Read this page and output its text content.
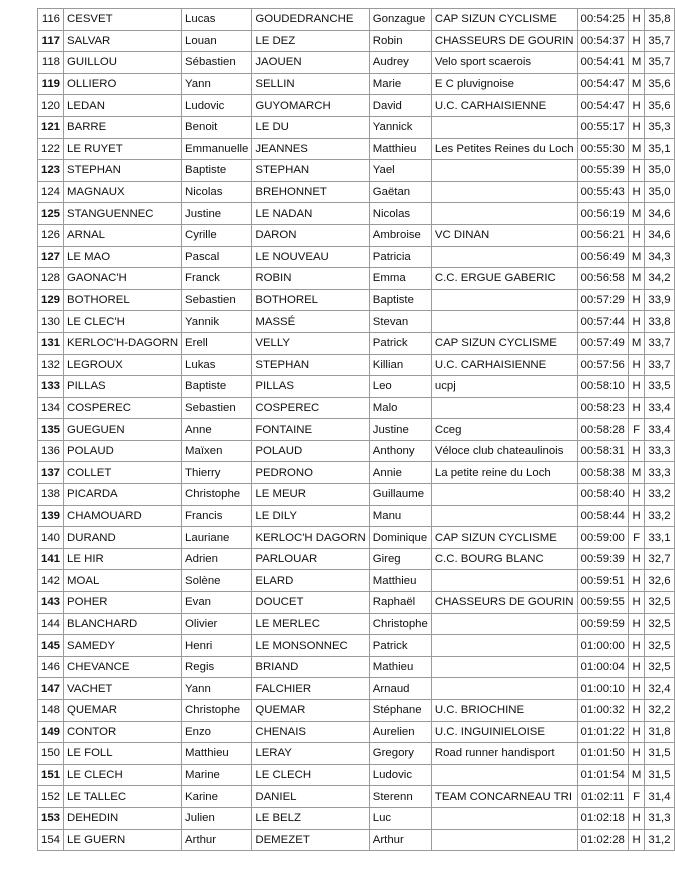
116	CESVET	Lucas	GOUDEDRANCHE	Gonzague	CAP SIZUN CYCLISME	00:54:25	H	35,8
117	SALVAR	Louan	LE DEZ	Robin	CHASSEURS DE GOURIN	00:54:37	H	35,7
118	GUILLOU	Sébastien	JAOUEN	Audrey	Velo sport scaerois	00:54:41	M	35,7
119	OLLIERO	Yann	SELLIN	Marie	E C pluvignoise	00:54:47	M	35,6
120	LEDAN	Ludovic	GUYOMARCH	David	U.C. CARHAISIENNE	00:54:47	H	35,6
121	BARRE	Benoit	LE DU	Yannick		00:55:17	H	35,3
122	LE RUYET	Emmanuelle	JEANNES	Matthieu	Les Petites Reines du Loch	00:55:30	M	35,1
123	STEPHAN	Baptiste	STEPHAN	Yael		00:55:39	H	35,0
124	MAGNAUX	Nicolas	BREHONNET	Gaëtan		00:55:43	H	35,0
125	STANGUENNEC	Justine	LE NADAN	Nicolas		00:56:19	M	34,6
126	ARNAL	Cyrille	DARON	Ambroise	VC DINAN	00:56:21	H	34,6
127	LE MAO	Pascal	LE NOUVEAU	Patricia		00:56:49	M	34,3
128	GAONAC'H	Franck	ROBIN	Emma	C.C. ERGUE GABERIC	00:56:58	M	34,2
129	BOTHOREL	Sebastien	BOTHOREL	Baptiste		00:57:29	H	33,9
130	LE CLEC'H	Yannik	MASSÉ	Stevan		00:57:44	H	33,8
131	KERLOC'H-DAGORN	Erell	VELLY	Patrick	CAP SIZUN CYCLISME	00:57:49	M	33,7
132	LEGROUX	Lukas	STEPHAN	Killian	U.C. CARHAISIENNE	00:57:56	H	33,7
133	PILLAS	Baptiste	PILLAS	Leo	ucpj	00:58:10	H	33,5
134	COSPEREC	Sebastien	COSPEREC	Malo		00:58:23	H	33,4
135	GUEGUEN	Anne	FONTAINE	Justine	Cceg	00:58:28	F	33,4
136	POLAUD	Maïxen	POLAUD	Anthony	Véloce club chateaulinois	00:58:31	H	33,3
137	COLLET	Thierry	PEDRONO	Annie	La petite reine du Loch	00:58:38	M	33,3
138	PICARDA	Christophe	LE MEUR	Guillaume		00:58:40	H	33,2
139	CHAMOUARD	Francis	LE DILY	Manu		00:58:44	H	33,2
140	DURAND	Lauriane	KERLOC'H DAGORN	Dominique	CAP SIZUN CYCLISME	00:59:00	F	33,1
141	LE HIR	Adrien	PARLOUAR	Gireg	C.C. BOURG BLANC	00:59:39	H	32,7
142	MOAL	Solène	ELARD	Matthieu		00:59:51	H	32,6
143	POHER	Evan	DOUCET	Raphaël	CHASSEURS DE GOURIN	00:59:55	H	32,5
144	BLANCHARD	Olivier	LE MERLEC	Christophe		00:59:59	H	32,5
145	SAMEDY	Henri	LE MONSONNEC	Patrick		01:00:00	H	32,5
146	CHEVANCE	Regis	BRIAND	Mathieu		01:00:04	H	32,5
147	VACHET	Yann	FALCHIER	Arnaud		01:00:10	H	32,4
148	QUEMAR	Christophe	QUEMAR	Stéphane	U.C. BRIOCHINE	01:00:32	H	32,2
149	CONTOR	Enzo	CHENAIS	Aurelien	U.C. INGUINIELOISE	01:01:22	H	31,8
150	LE FOLL	Matthieu	LERAY	Gregory	Road runner handisport	01:01:50	H	31,5
151	LE CLECH	Marine	LE CLECH	Ludovic		01:01:54	M	31,5
152	LE TALLEC	Karine	DANIEL	Sterenn	TEAM CONCARNEAU TRI	01:02:11	F	31,4
153	DEHEDIN	Julien	LE BELZ	Luc		01:02:18	H	31,3
154	LE GUERN	Arthur	DEMEZET	Arthur		01:02:28	H	31,2
